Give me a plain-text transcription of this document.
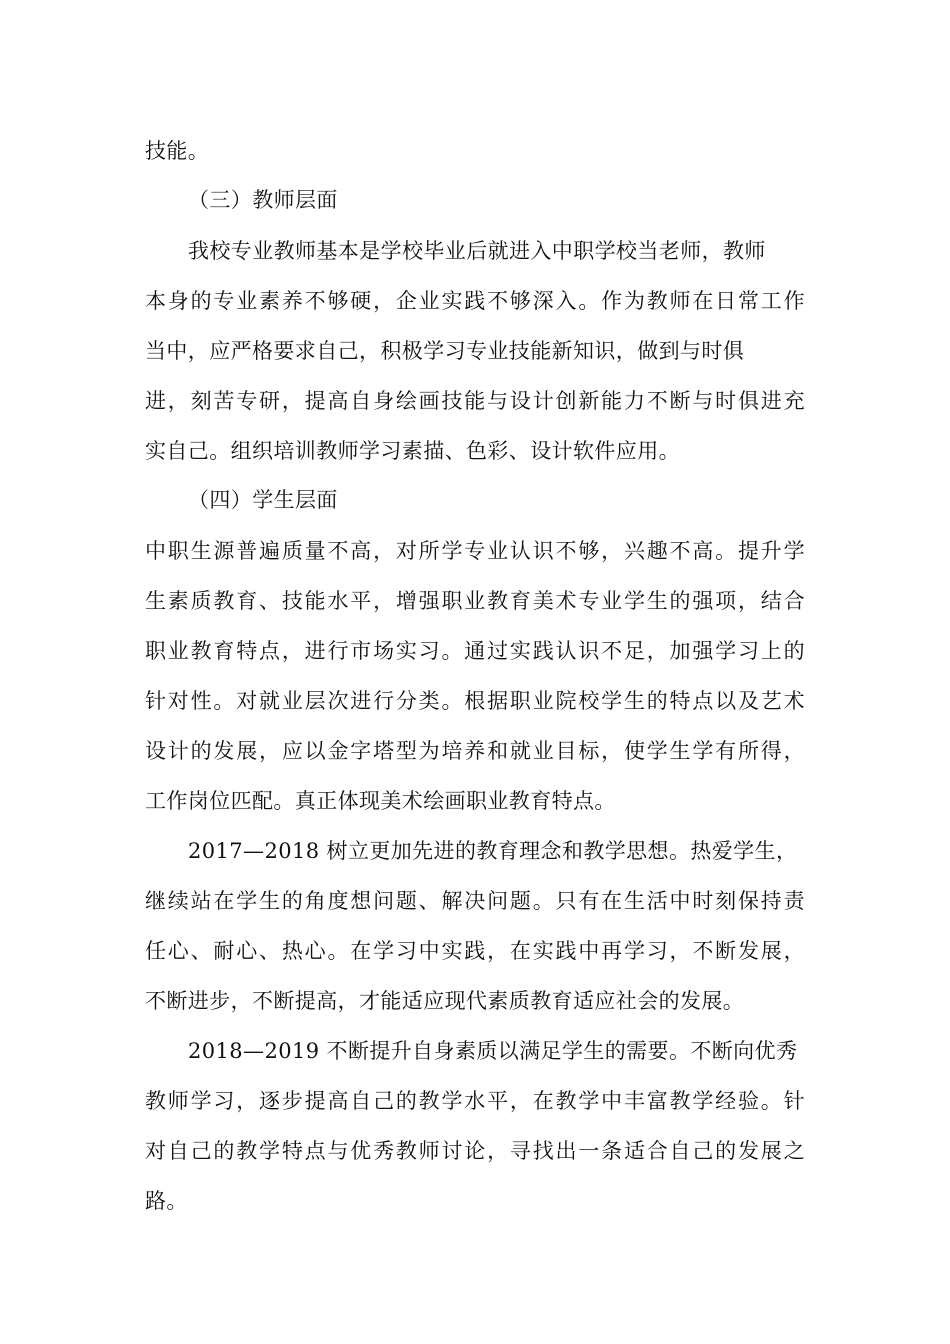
技能。

（三）教师层面

我校专业教师基本是学校毕业后就进入中职学校当老师，教师

本身的专业素养不够硬，企业实践不够深入。作为教师在日常工作

当中，应严格要求自己，积极学习专业技能新知识，做到与时俱

进，刻苦专研，提高自身绘画技能与设计创新能力不断与时俱进充

实自己。组织培训教师学习素描、色彩、设计软件应用。

（四）学生层面

中职生源普遍质量不高，对所学专业认识不够，兴趣不高。提升学

生素质教育、技能水平，增强职业教育美术专业学生的强项，结合

职业教育特点，进行市场实习。通过实践认识不足，加强学习上的

针对性。对就业层次进行分类。根据职业院校学生的特点以及艺术

设计的发展，应以金字塔型为培养和就业目标，使学生学有所得，

工作岗位匹配。真正体现美术绘画职业教育特点。

2017—2018 树立更加先进的教育理念和教学思想。热爱学生，

继续站在学生的角度想问题、解决问题。只有在生活中时刻保持责

任心、耐心、热心。在学习中实践，在实践中再学习，不断发展，

不断进步，不断提高，才能适应现代素质教育适应社会的发展。

2018—2019 不断提升自身素质以满足学生的需要。不断向优秀

教师学习，逐步提高自己的教学水平，在教学中丰富教学经验。针

对自己的教学特点与优秀教师讨论，寻找出一条适合自己的发展之

路。
